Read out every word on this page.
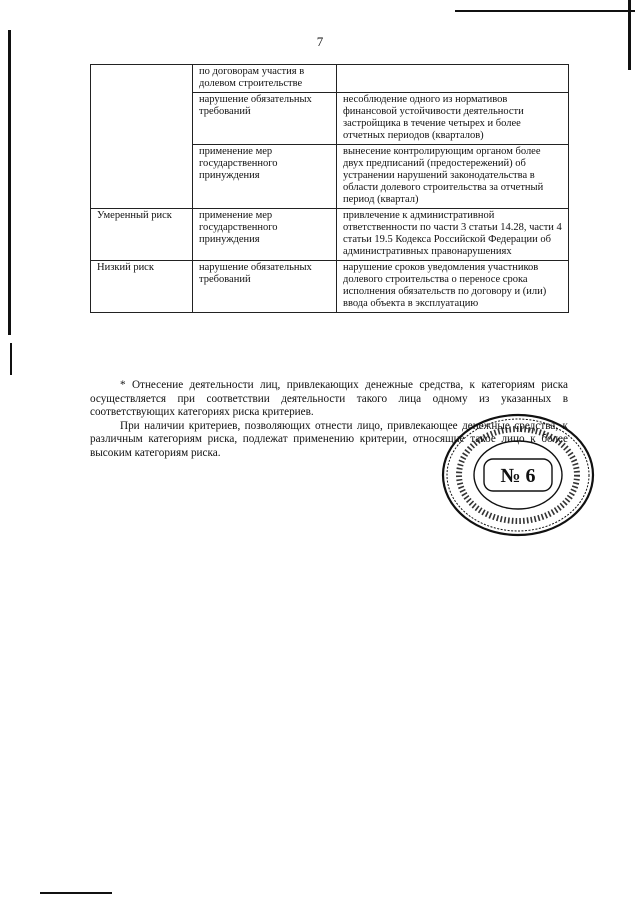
7
	по договорам участия в долевом строительстве	
	нарушение обязательных требований	несоблюдение одного из нормативов финансовой устойчивости деятельности застройщика в течение четырех и более отчетных периодов (кварталов)
	применение мер государственного принуждения	вынесение контролирующим органом более двух предписаний (предостережений) об устранении нарушений законодательства в области долевого строительства за отчетный период (квартал)
Умеренный риск	применение мер государственного принуждения	привлечение к административной ответственности по части 3 статьи 14.28, части 4 статьи 19.5 Кодекса Российской Федерации об административных правонарушениях
Низкий риск	нарушение обязательных требований	нарушение сроков уведомления участников долевого строительства о переносе срока исполнения обязательств по договору и (или) ввода объекта в эксплуатацию

* Отнесение деятельности лиц, привлекающих денежные средства, к категориям риска осуществляется при соответствии деятельности такого лица одному из указанных в соответствующих категориях риска критериев.

При наличии критериев, позволяющих отнести лицо, привлекающее денежные средства, к различным категориям риска, подлежат применению критерии, относящие такое лицо к более высоким категориям риска.

№ 6
